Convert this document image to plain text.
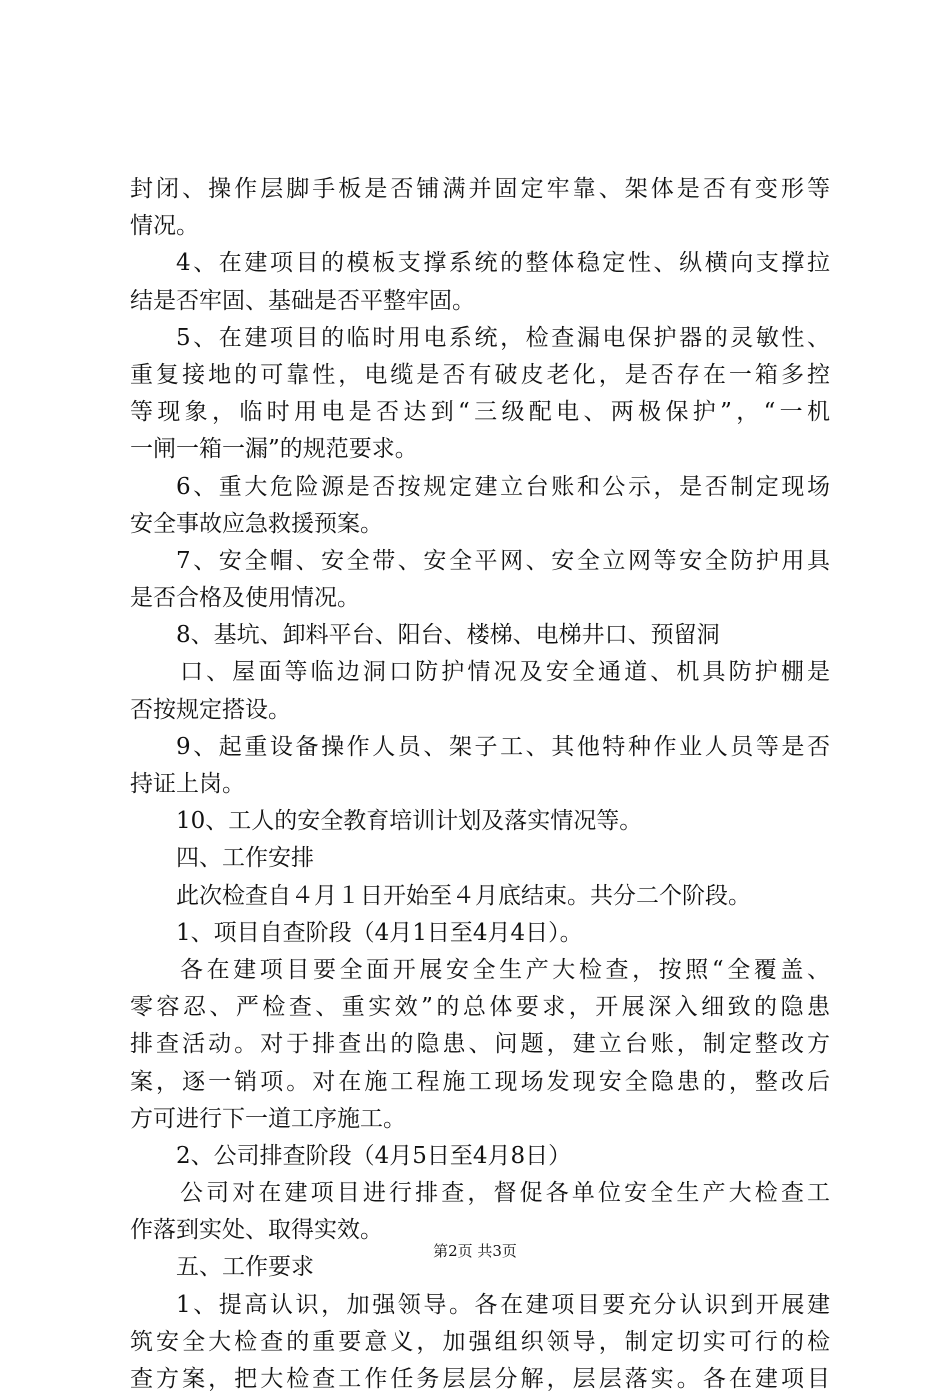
封闭、操作层脚手板是否铺满并固定牢靠、架体是否有变形等
情况。
4、在建项目的模板支撑系统的整体稳定性、纵横向支撑拉
结是否牢固、基础是否平整牢固。
5、在建项目的临时用电系统，检查漏电保护器的灵敏性、
重复接地的可靠性，电缆是否有破皮老化，是否存在一箱多控
等现象，临时用电是否达到“三级配电、两极保护”，“一机
一闸一箱一漏”的规范要求。
6、重大危险源是否按规定建立台账和公示，是否制定现场
安全事故应急救援预案。
7、安全帽、安全带、安全平网、安全立网等安全防护用具
是否合格及使用情况。
8、基坑、卸料平台、阳台、楼梯、电梯井口、预留洞
口、屋面等临边洞口防护情况及安全通道、机具防护棚是
否按规定搭设。
9、起重设备操作人员、架子工、其他特种作业人员等是否
持证上岗。
10、工人的安全教育培训计划及落实情况等。
四、工作安排
此次检查自４月１日开始至４月底结束。共分二个阶段。
1、项目自查阶段（4月1日至4月4日）。
各在建项目要全面开展安全生产大检查，按照“全覆盖、
零容忍、严检查、重实效”的总体要求，开展深入细致的隐患
排查活动。对于排查出的隐患、问题，建立台账，制定整改方
案，逐一销项。对在施工程施工现场发现安全隐患的，整改后
方可进行下一道工序施工。
2、公司排查阶段（4月5日至4月8日）
公司对在建项目进行排查，督促各单位安全生产大检查工
作落到实处、取得实效。
五、工作要求
1、提高认识，加强领导。各在建项目要充分认识到开展建
筑安全大检查的重要意义，加强组织领导，制定切实可行的检
查方案，把大检查工作任务层层分解，层层落实。各在建项目
第2页 共3页
